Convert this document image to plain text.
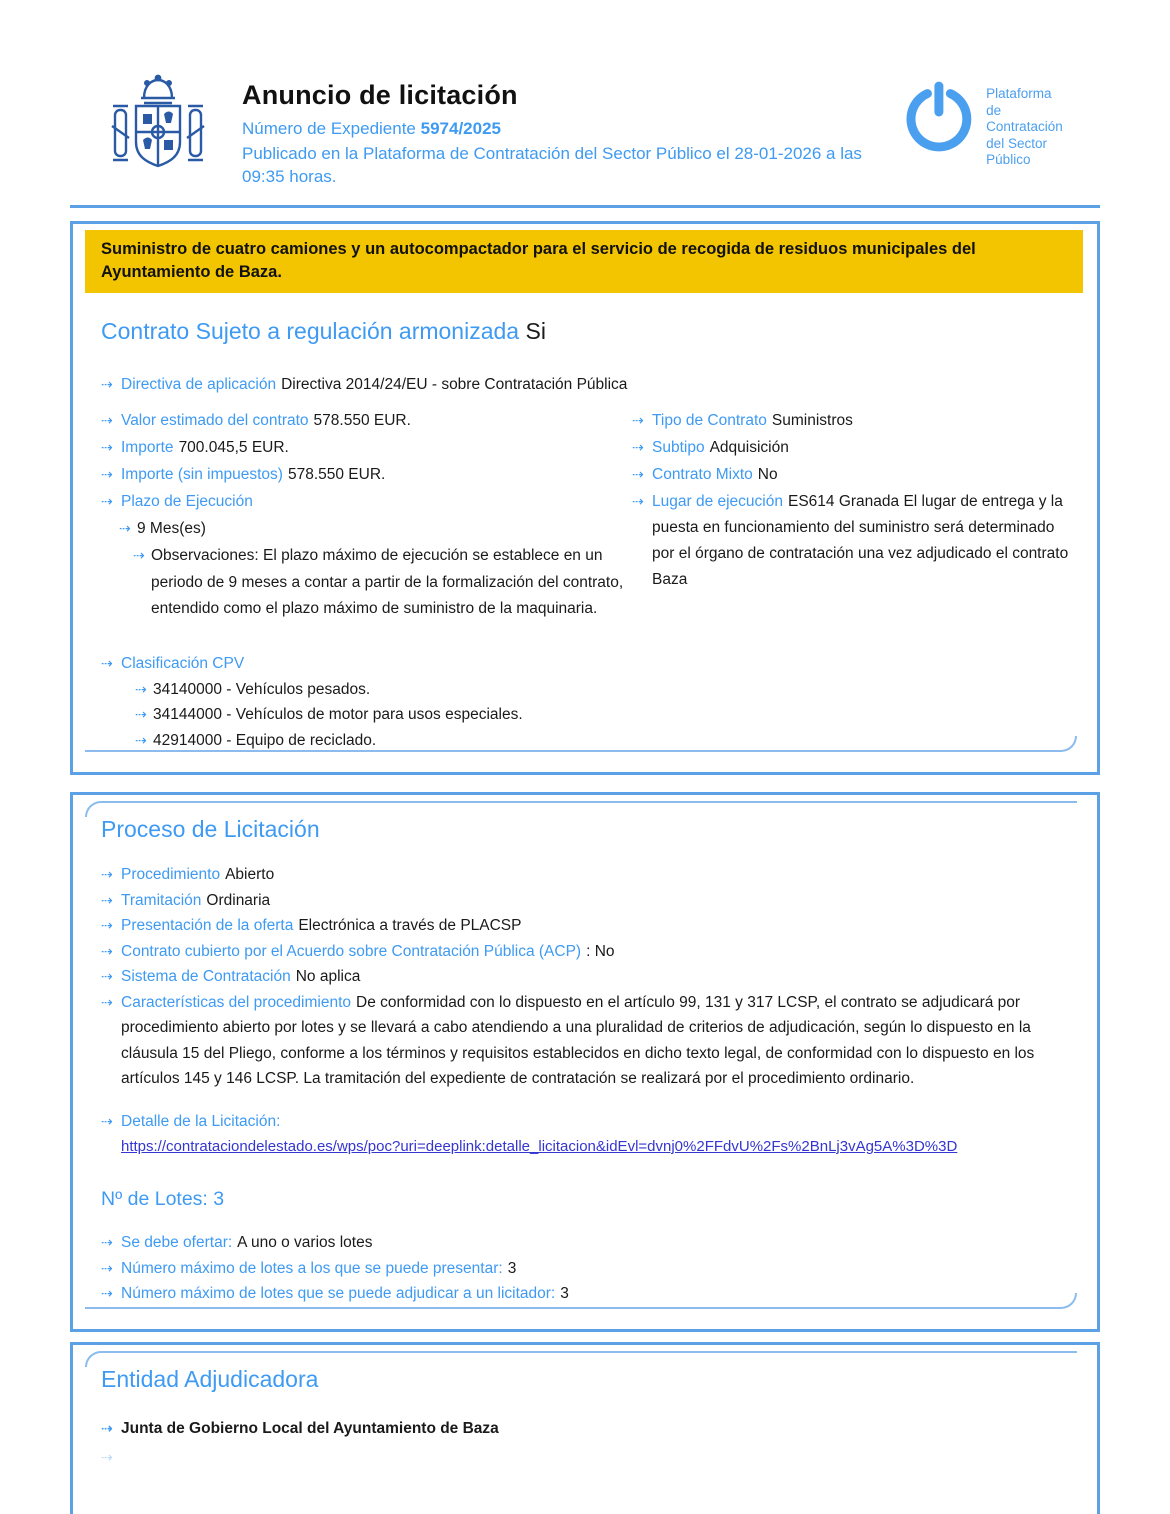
Anuncio de licitación
Número de Expediente 5974/2025
Publicado en la Plataforma de Contratación del Sector Público el 28-01-2026 a las 09:35 horas.
Plataforma de
Contratación
del Sector
Público
Suministro de cuatro camiones y un autocompactador para el servicio de recogida de residuos municipales del Ayuntamiento de Baza.
Contrato Sujeto a regulación armonizada Si
⇢ Directiva de aplicación Directiva 2014/24/EU - sobre Contratación Pública
⇢ Valor estimado del contrato 578.550 EUR.
⇢ Importe 700.045,5 EUR.
⇢ Importe (sin impuestos) 578.550 EUR.
⇢ Plazo de Ejecución
⇢ 9 Mes(es)
⇢ Observaciones: El plazo máximo de ejecución se establece en un periodo de 9 meses a contar a partir de la formalización del contrato, entendido como el plazo máximo de suministro de la maquinaria.
⇢ Tipo de Contrato Suministros
⇢ Subtipo Adquisición
⇢ Contrato Mixto No
⇢ Lugar de ejecución ES614 Granada El lugar de entrega y la puesta en funcionamiento del suministro será determinado por el órgano de contratación una vez adjudicado el contrato Baza
⇢ Clasificación CPV
⇢ 34140000 - Vehículos pesados.
⇢ 34144000 - Vehículos de motor para usos especiales.
⇢ 42914000 - Equipo de reciclado.
Proceso de Licitación
⇢ Procedimiento Abierto
⇢ Tramitación Ordinaria
⇢ Presentación de la oferta Electrónica a través de PLACSP
⇢ Contrato cubierto por el Acuerdo sobre Contratación Pública (ACP) : No
⇢ Sistema de Contratación No aplica
⇢ Características del procedimiento De conformidad con lo dispuesto en el artículo 99, 131 y 317 LCSP, el contrato se adjudicará por procedimiento abierto por lotes y se llevará a cabo atendiendo a una pluralidad de criterios de adjudicación, según lo dispuesto en la cláusula 15 del Pliego, conforme a los términos y requisitos establecidos en dicho texto legal, de conformidad con lo dispuesto en los artículos 145 y 146 LCSP. La tramitación del expediente de contratación se realizará por el procedimiento ordinario.
⇢ Detalle de la Licitación:
https://contrataciondelestado.es/wps/poc?uri=deeplink:detalle_licitacion&idEvl=dvnj0%2FFdvU%2Fs%2BnLj3vAg5A%3D%3D
Nº de Lotes: 3
⇢ Se debe ofertar: A uno o varios lotes
⇢ Número máximo de lotes a los que se puede presentar: 3
⇢ Número máximo de lotes que se puede adjudicar a un licitador: 3
Entidad Adjudicadora
⇢ Junta de Gobierno Local del Ayuntamiento de Baza
⇢
